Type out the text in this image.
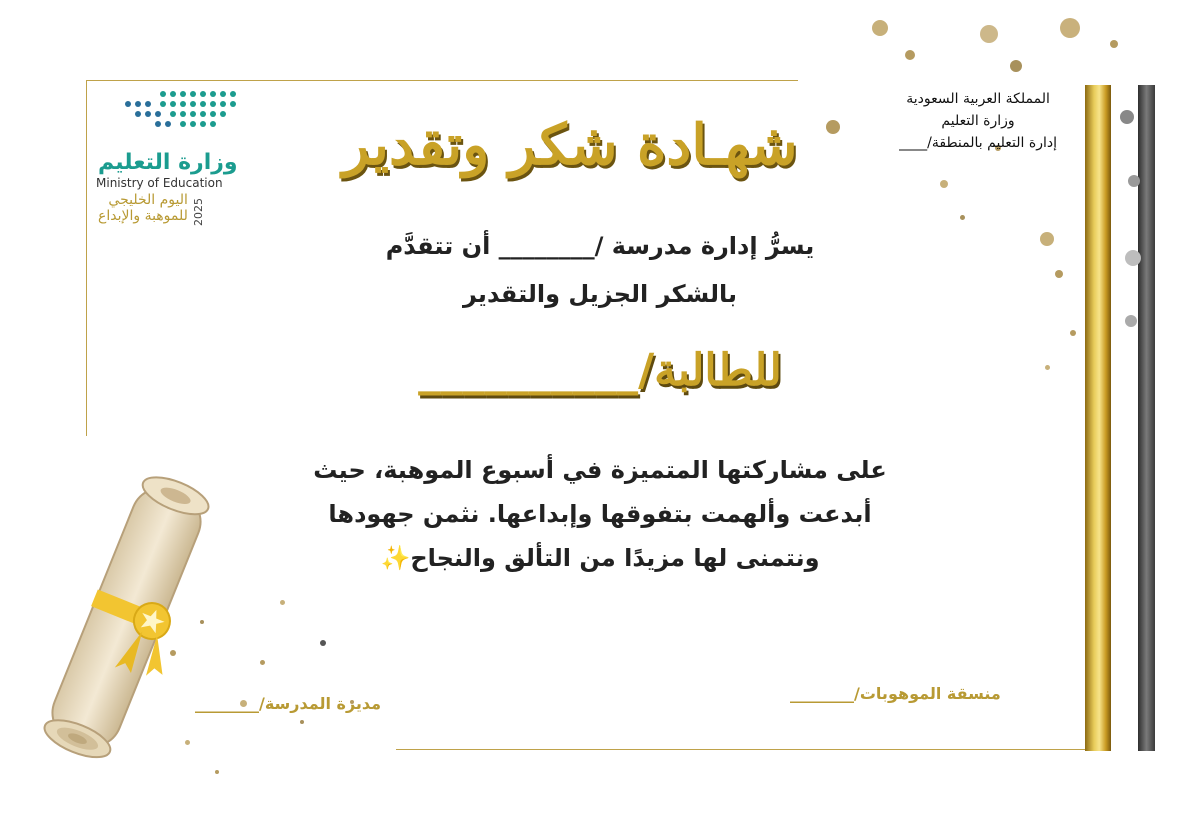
المملكة العربية السعودية
وزارة التعليم
إدارة التعليم بالمنطقة/____
وزارة التعليم
Ministry of Education
اليوم الخليجي
للموهبة والإبداع 2025
شهـادة شكر وتقدير
يسرُّ إدارة مدرسة /________ أن تتقدَّم
بالشكر الجزيل والتقدير
للطالبة/__________
على مشاركتها المتميزة في أسبوع الموهبة، حيث
أبدعت وألهمت بتفوقها وإبداعها. نثمن جهودها
ونتمنى لها مزيدًا من التألق والنجاح✨
منسقة الموهوبات/________
مديرة المدرسة/________
